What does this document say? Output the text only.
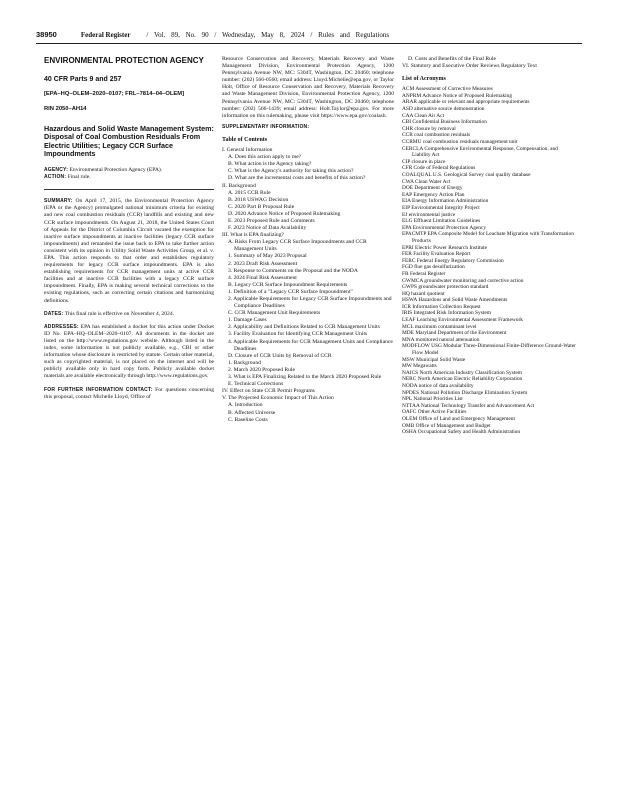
38950	Federal Register / Vol. 89, No. 90 / Wednesday, May 8, 2024 / Rules and Regulations
ENVIRONMENTAL PROTECTION AGENCY
40 CFR Parts 9 and 257
[EPA–HQ–OLEM–2020–0107; FRL–7814–04–OLEM]
RIN 2050–AH14
Hazardous and Solid Waste Management System: Disposal of Coal Combustion Residuals From Electric Utilities; Legacy CCR Surface Impoundments
AGENCY: Environmental Protection Agency (EPA).
ACTION: Final rule.
SUMMARY: On April 17, 2015, the Environmental Protection Agency (EPA or the Agency) promulgated national minimum criteria for existing and new coal combustion residuals (CCR) landfills and existing and new CCR surface impoundments. On August 21, 2018, the United States Court of Appeals for the District of Columbia Circuit vacated the exemption for inactive surface impoundments at inactive facilities (legacy CCR surface impoundments) and remanded the issue back to EPA to take further action consistent with its opinion in Utility Solid Waste Activities Group, et al. v. EPA. This action responds to that order and establishes regulatory requirements for legacy CCR surface impoundments. EPA is also establishing requirements for CCR management units at active CCR facilities and at inactive CCR facilities with a legacy CCR surface impoundment. Finally, EPA is making several technical corrections to the existing regulations, such as correcting certain citations and harmonizing definitions.
DATES: This final rule is effective on November 4, 2024.
ADDRESSES: EPA has established a docket for this action under Docket ID No. EPA–HQ–OLEM–2020–0107. All documents in the docket are listed on the http://www.regulations.gov website. Although listed in the index, some information is not publicly available, e.g., CBI or other information whose disclosure is restricted by statute. Certain other material, such as copyrighted material, is not placed on the internet and will be publicly available only in hard copy form. Publicly available docket materials are available electronically through http://www.regulations.gov.
FOR FURTHER INFORMATION CONTACT: For questions concerning this proposal, contact Michelle Lloyd, Office of
Resource Conservation and Recovery, Materials Recovery and Waste Management Division, Environmental Protection Agency, 1200 Pennsylvania Avenue NW, MC: 5304T, Washington, DC 20460; telephone number: (202) 566-0560; email address: Lloyd.Michelle@epa.gov, or Taylor Holt, Office of Resource Conservation and Recovery, Materials Recovery and Waste Management Division, Environmental Protection Agency, 1200 Pennsylvania Avenue NW, MC: 5304T, Washington, DC 20460; telephone number: (202) 566-1439; email address: Holt.Taylor@epa.gov. For more information on this rulemaking, please visit https://www.epa.gov/coalash.
SUPPLEMENTARY INFORMATION:
Table of Contents
I. General Information
A. Does this action apply to me?
B. What action is the Agency taking?
C. What is the Agency's authority for taking this action?
D. What are the incremental costs and benefits of this action?
II. Background
A. 2015 CCR Rule
B. 2018 USWAG Decision
C. 2020 Part B Proposal Rule
D. 2020 Advance Notice of Proposed Rulemaking
E. 2023 Proposed Rule and Comments
F. 2023 Notice of Data Availability
III. What is EPA finalizing?
A. Risks From Legacy CCR Surface Impoundments and CCR Management Units
1. Summary of May 2023 Proposal
2. 2023 Draft Risk Assessment
3. Response to Comments on the Proposal and the NODA
4. 2024 Final Risk Assessment
B. Legacy CCR Surface Impoundment Requirements
1. Definition of a "Legacy CCR Surface Impoundment"
2. Applicable Requirements for Legacy CCR Surface Impoundments and Compliance Deadlines
C. CCR Management Unit Requirements
1. Damage Cases
2. Applicability and Definitions Related to CCR Management Units
3. Facility Evaluation for Identifying CCR Management Units
4. Applicable Requirements for CCR Management Units and Compliance Deadlines
D. Closure of CCR Units by Removal of CCR
1. Background
2. March 2020 Proposed Rule
3. What is EPA Finalizing Related to the March 2020 Proposed Rule
E. Technical Corrections
IV. Effect on State CCR Permit Programs
V. The Projected Economic Impact of This Action
A. Introduction
B. Affected Universe
C. Baseline Costs
D. Costs and Benefits of the Final Rule
VI. Statutory and Executive Order Reviews Regulatory Text
List of Acronyms
ACM Assessment of Corrective Measures
ANPRM Advance Notice of Proposed Rulemaking
ARAR applicable or relevant and appropriate requirements
ASD alternative source demonstration
CAA Clean Air Act
CBI Confidential Business Information
CHR closure by removal
CCR coal combustion residuals
CCRMU coal combustion residuals management unit
CERCLA Comprehensive Environmental Response, Compensation, and Liability Act
CIP closure in place
CFR Code of Federal Regulations
COALQUAL U.S. Geological Survey coal quality database
CWA Clean Water Act
DOE Department of Energy
EAP Emergency Action Plan
EIA Energy Information Administration
EIP Environmental Integrity Project
EJ environmental justice
ELG Effluent Limitation Guidelines
EPA Environmental Protection Agency
EPACMTP EPA Composite Model for Leachate Migration with Transformation Products
EPRI Electric Power Research Institute
FER Facility Evaluation Report
FERC Federal Energy Regulatory Commission
FGD flue gas desulfurization
FR Federal Register
GWMCA groundwater monitoring and corrective action
GWPS groundwater protection standard
HQ hazard quotient
HSWA Hazardous and Solid Waste Amendments
ICR Information Collection Request
IRIS Integrated Risk Information System
LEAF Leaching Environmental Assessment Framework
MCL maximum contaminant level
MDE Maryland Department of the Environment
MNA monitored natural attenuation
MODFLOW USG Modular Three-Dimensional Finite-Difference Ground-Water Flow Model
MSW Municipal Solid Waste
MW Megawatts
NAICS North American Industry Classification System
NERC North American Electric Reliability Corporation
NODA notice of data availability
NPDES National Pollution Discharge Elimination System
NPL National Priorities List
NTTAA National Technology Transfer and Advancement Act
OAFC Other Active Facilities
OLEM Office of Land and Emergency Management
OMB Office of Management and Budget
OSHA Occupational Safety and Health Administration
